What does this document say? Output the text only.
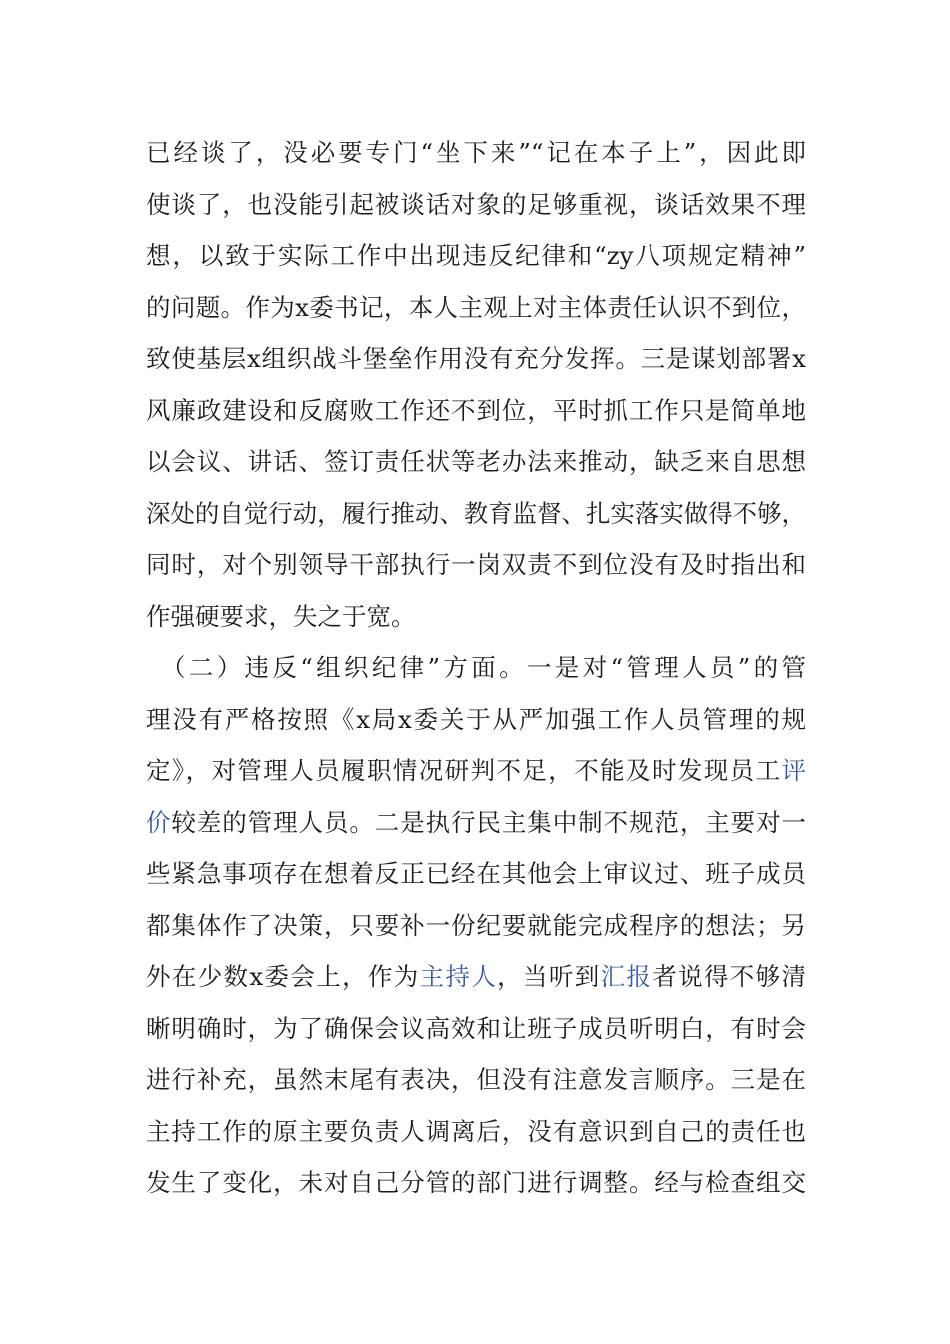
已经谈了，没必要专门“坐下来”“记在本子上”，因此即
使谈了，也没能引起被谈话对象的足够重视，谈话效果不理
想，以致于实际工作中出现违反纪律和“zy八项规定精神”
的问题。作为x委书记，本人主观上对主体责任认识不到位，
致使基层x组织战斗堡垒作用没有充分发挥。三是谋划部署x
风廉政建设和反腐败工作还不到位，平时抓工作只是简单地
以会议、讲话、签订责任状等老办法来推动，缺乏来自思想
深处的自觉行动，履行推动、教育监督、扎实落实做得不够，
同时，对个别领导干部执行一岗双责不到位没有及时指出和
作强硬要求，失之于宽。
（二）违反“组织纪律”方面。一是对“管理人员”的管
理没有严格按照《x局x委关于从严加强工作人员管理的规
定》，对管理人员履职情况研判不足，不能及时发现员工评
价较差的管理人员。二是执行民主集中制不规范，主要对一
些紧急事项存在想着反正已经在其他会上审议过、班子成员
都集体作了决策，只要补一份纪要就能完成程序的想法；另
外在少数x委会上，作为主持人，当听到汇报者说得不够清
晰明确时，为了确保会议高效和让班子成员听明白，有时会
进行补充，虽然末尾有表决，但没有注意发言顺序。三是在
主持工作的原主要负责人调离后，没有意识到自己的责任也
发生了变化，未对自己分管的部门进行调整。经与检查组交
